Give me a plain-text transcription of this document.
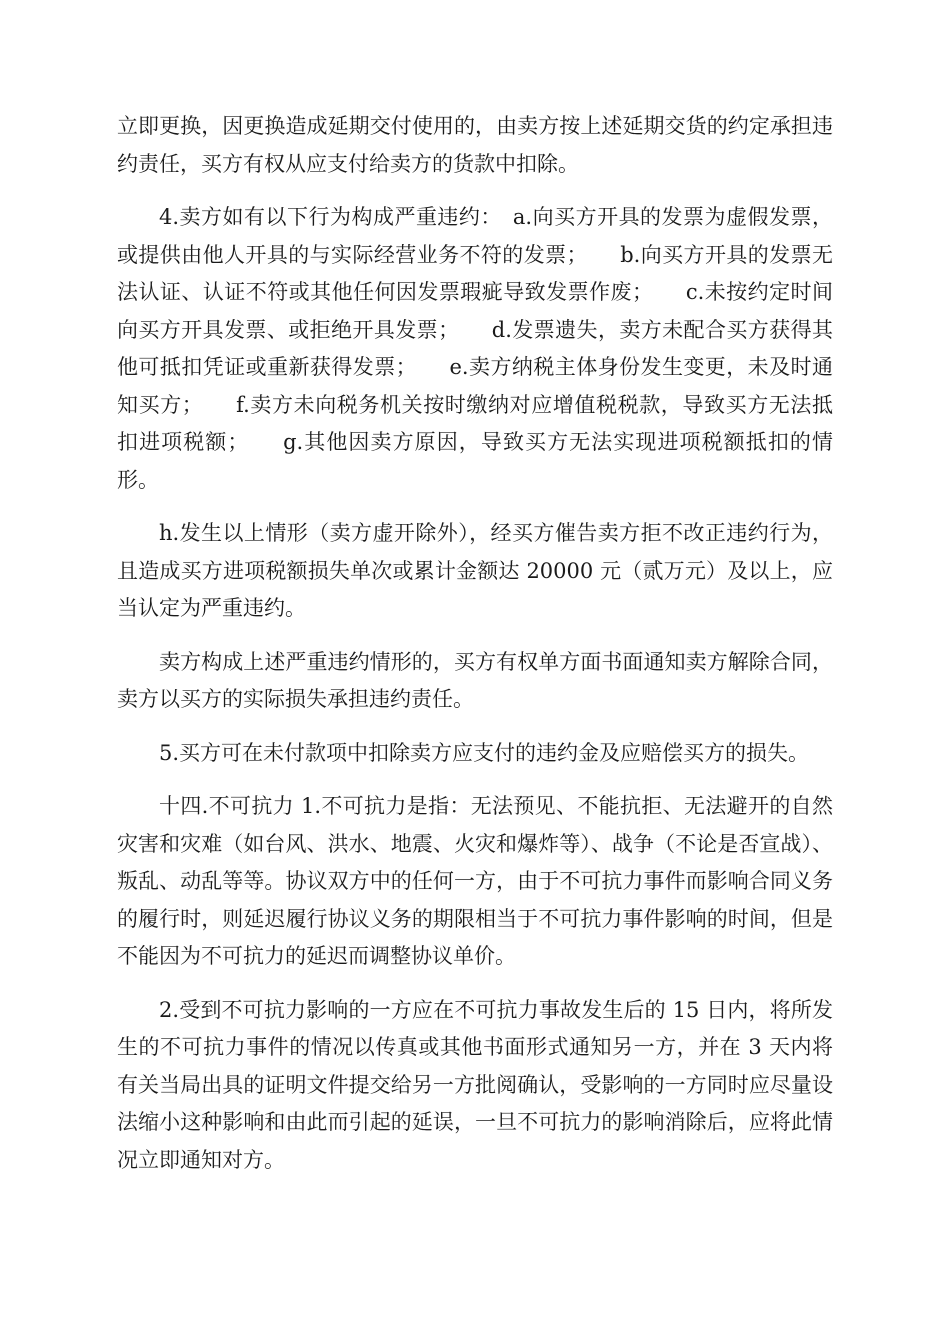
立即更换，因更换造成延期交付使用的，由卖方按上述延期交货的约定承担违约责任，买方有权从应支付给卖方的货款中扣除。

4.卖方如有以下行为构成严重违约：　a.向买方开具的发票为虚假发票，或提供由他人开具的与实际经营业务不符的发票；　　b.向买方开具的发票无法认证、认证不符或其他任何因发票瑕疵导致发票作废；　　c.未按约定时间向买方开具发票、或拒绝开具发票；　　d.发票遗失，卖方未配合买方获得其他可抵扣凭证或重新获得发票；　　e.卖方纳税主体身份发生变更，未及时通知买方；　　f.卖方未向税务机关按时缴纳对应增值税税款，导致买方无法抵扣进项税额；　　g.其他因卖方原因，导致买方无法实现进项税额抵扣的情形。

h.发生以上情形（卖方虚开除外），经买方催告卖方拒不改正违约行为，且造成买方进项税额损失单次或累计金额达 20000 元（贰万元）及以上，应当认定为严重违约。

卖方构成上述严重违约情形的，买方有权单方面书面通知卖方解除合同，卖方以买方的实际损失承担违约责任。

5.买方可在未付款项中扣除卖方应支付的违约金及应赔偿买方的损失。

十四.不可抗力 1.不可抗力是指：无法预见、不能抗拒、无法避开的自然灾害和灾难（如台风、洪水、地震、火灾和爆炸等）、战争（不论是否宣战）、叛乱、动乱等等。协议双方中的任何一方，由于不可抗力事件而影响合同义务的履行时，则延迟履行协议义务的期限相当于不可抗力事件影响的时间，但是不能因为不可抗力的延迟而调整协议单价。

2.受到不可抗力影响的一方应在不可抗力事故发生后的 15 日内，将所发生的不可抗力事件的情况以传真或其他书面形式通知另一方，并在 3 天内将有关当局出具的证明文件提交给另一方批阅确认，受影响的一方同时应尽量设法缩小这种影响和由此而引起的延误，一旦不可抗力的影响消除后，应将此情况立即通知对方。
